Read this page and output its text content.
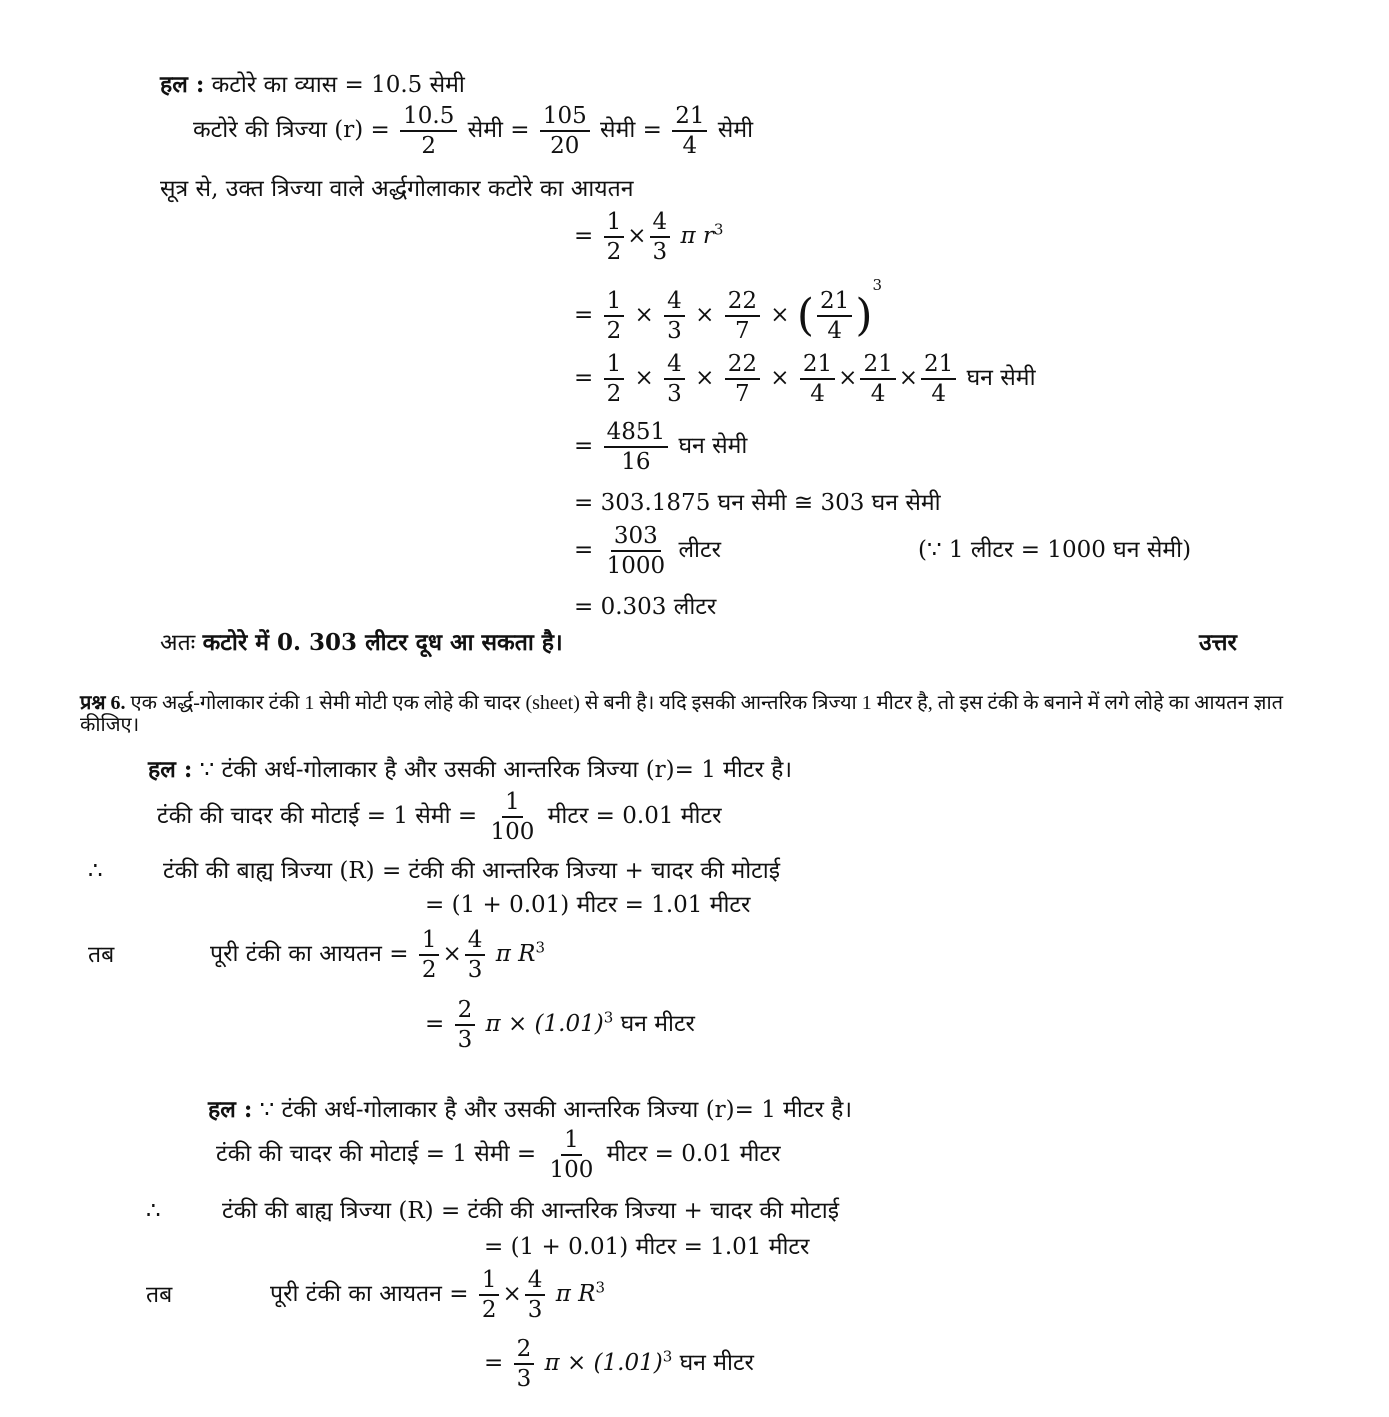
हल : कटोरे का व्यास = 10.5 सेमी
कटोरे की त्रिज्या $(r) = \frac{10.5}{2}$ सेमी = $\frac{105}{20}$ सेमी = $\frac{21}{4}$ सेमी
सूत्र से, उक्त त्रिज्या वाले अर्द्धगोलाकार कटोरे का आयतन
= $\frac{1}{2} \times \frac{4}{3}$ π $r^3$
= $\frac{1}{2} \times \frac{4}{3} \times \frac{22}{7}$ × ( $\frac{21}{4} )^3$
= $\frac{1}{2} \times \frac{4}{3} \times \frac{22}{7} \times \frac{21}{4} \times \frac{21}{4} \times \frac{21}{4}$ घन सेमी
= $\frac{4851}{16}$ घन सेमी
= 303.1875 घन सेमी ≅ 303 घन सेमी
= $\frac{303}{1000}$ लीटर	(∵ 1 लीटर = 1000 घन सेमी)
= 0.303 लीटर
अतः कटोरे में 0. 303 लीटर दूध आ सकता है।	उत्तर
प्रश्न 6. एक अर्द्ध-गोलाकार टंकी 1 सेमी मोटी एक लोहे की चादर (sheet) से बनी है। यदि इसकी आन्तरिक त्रिज्या 1 मीटर है, तो इस टंकी के बनाने में लगे लोहे का आयतन ज्ञात कीजिए।
हल : ∵ टंकी अर्ध-गोलाकार है और उसकी आन्तरिक त्रिज्या (r)= 1 मीटर है।
टंकी की चादर की मोटाई = 1 सेमी = $\frac{1}{100}$ मीटर = 0.01 मीटर
∴	टंकी की बाह्य त्रिज्या (R) = टंकी की आन्तरिक त्रिज्या + चादर की मोटाई
= (1 + 0.01) मीटर = 1.01 मीटर
तब	पूरी टंकी का आयतन = $\frac{1}{2} \times \frac{4}{3}$ π $R^3$
= $\frac{2}{3}$ $\pi \times (1.01)^3$ घन मीटर
हल : ∵ टंकी अर्ध-गोलाकार है और उसकी आन्तरिक त्रिज्या (r)= 1 मीटर है।
टंकी की चादर की मोटाई = 1 सेमी = $\frac{1}{100}$ मीटर = 0.01 मीटर
∴	टंकी की बाह्य त्रिज्या (R) = टंकी की आन्तरिक त्रिज्या + चादर की मोटाई
= (1 + 0.01) मीटर = 1.01 मीटर
तब	पूरी टंकी का आयतन = $\frac{1}{2} \times \frac{4}{3}$ π $R^3$
= $\frac{2}{3}$ $\pi \times (1.01)^3$ घन मीटर
